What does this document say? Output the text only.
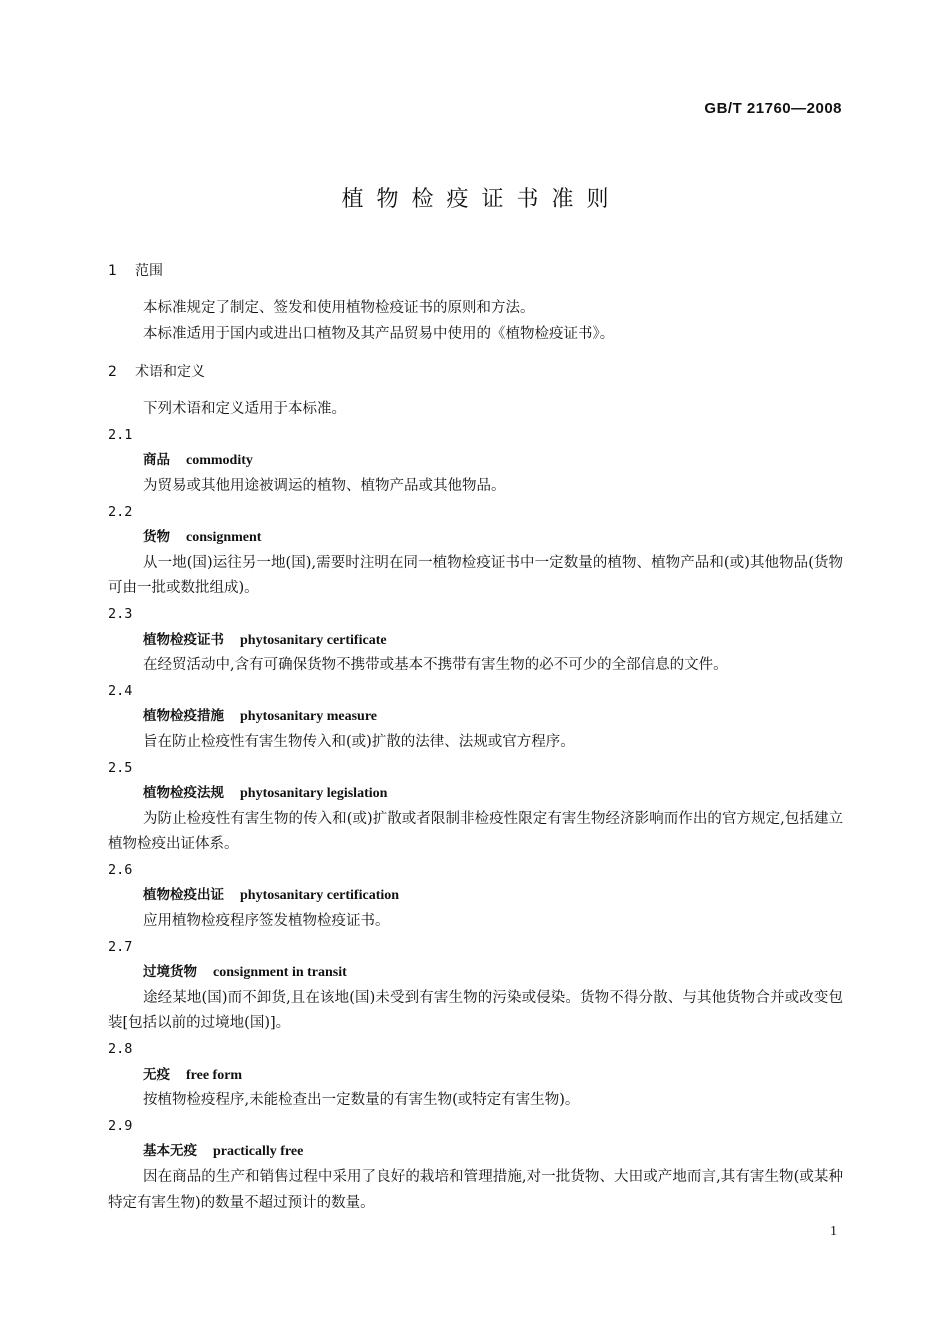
GB/T 21760—2008
植物检疫证书准则
1 范围
本标准规定了制定、签发和使用植物检疫证书的原则和方法。
本标准适用于国内或进出口植物及其产品贸易中使用的《植物检疫证书》。
2 术语和定义
下列术语和定义适用于本标准。
2.1
商品 commodity
为贸易或其他用途被调运的植物、植物产品或其他物品。
2.2
货物 consignment
从一地(国)运往另一地(国),需要时注明在同一植物检疫证书中一定数量的植物、植物产品和(或)其他物品(货物可由一批或数批组成)。
2.3
植物检疫证书 phytosanitary certificate
在经贸活动中,含有可确保货物不携带或基本不携带有害生物的必不可少的全部信息的文件。
2.4
植物检疫措施 phytosanitary measure
旨在防止检疫性有害生物传入和(或)扩散的法律、法规或官方程序。
2.5
植物检疫法规 phytosanitary legislation
为防止检疫性有害生物的传入和(或)扩散或者限制非检疫性限定有害生物经济影响而作出的官方规定,包括建立植物检疫出证体系。
2.6
植物检疫出证 phytosanitary certification
应用植物检疫程序签发植物检疫证书。
2.7
过境货物 consignment in transit
途经某地(国)而不卸货,且在该地(国)未受到有害生物的污染或侵染。货物不得分散、与其他货物合并或改变包装[包括以前的过境地(国)]。
2.8
无疫 free form
按植物检疫程序,未能检查出一定数量的有害生物(或特定有害生物)。
2.9
基本无疫 practically free
因在商品的生产和销售过程中采用了良好的栽培和管理措施,对一批货物、大田或产地而言,其有害生物(或某种特定有害生物)的数量不超过预计的数量。
1
